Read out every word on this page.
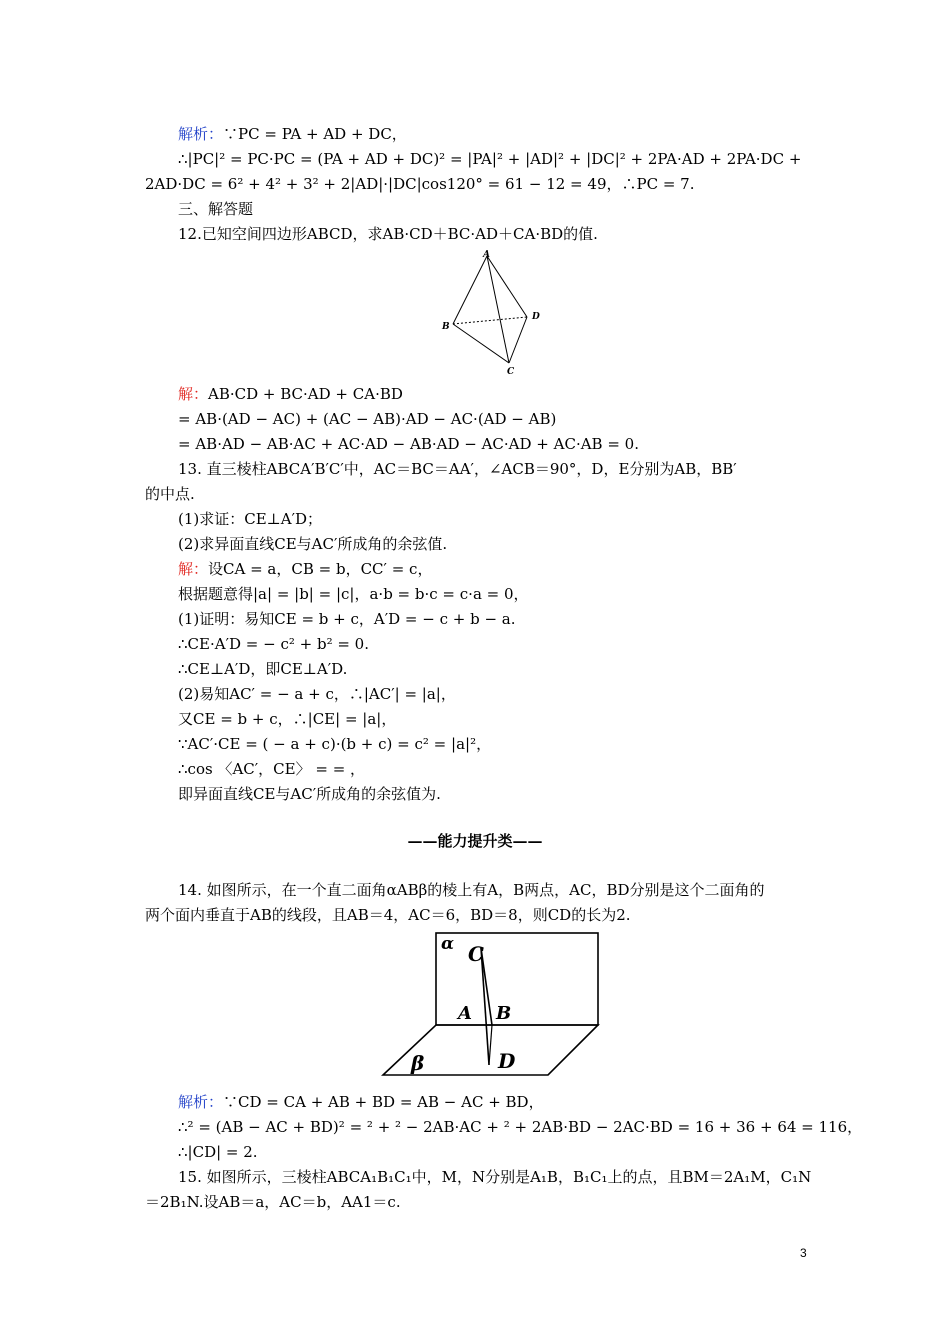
解析：∵PC = PA + AD + DC，
∴|PC|² = PC·PC = (PA + AD + DC)² = |PA|² + |AD|² + |DC|² + 2PA·AD + 2PA·DC +
2AD·DC = 6² + 4² + 3² + 2|AD|·|DC|cos120° = 61 − 12 = 49，∴PC = 7.
三、解答题
12.已知空间四边形ABCD，求AB·CD＋BC·AD＋CA·BD的值.
A
B
C
D
解：AB·CD + BC·AD + CA·BD
= AB·(AD − AC) + (AC − AB)·AD − AC·(AD − AB)
= AB·AD − AB·AC + AC·AD − AB·AD − AC·AD + AC·AB = 0.
13. 直三棱柱ABCA′B′C′中，AC＝BC＝AA′，∠ACB＝90°，D，E分别为AB，BB′
的中点.
(1)求证：CE⊥A′D；
(2)求异面直线CE与AC′所成角的余弦值.
解：设CA = a，CB = b，CC′ = c，
根据题意得|a| = |b| = |c|，a·b = b·c = c·a = 0，
(1)证明：易知CE = b + c，A′D = − c + b − a.
∴CE·A′D = − c² + b² = 0.
∴CE⊥A′D，即CE⊥A′D.
(2)易知AC′ = − a + c，∴|AC′| = |a|，
又CE = b + c，∴|CE| = |a|，
∵AC′·CE = ( − a + c)·(b + c) = c² = |a|²，
∴cos 〈AC′，CE〉 = = ，
即异面直线CE与AC′所成角的余弦值为.
——能力提升类——
14. 如图所示，在一个直二面角αABβ的棱上有A，B两点，AC，BD分别是这个二面角的
两个面内垂直于AB的线段，且AB＝4，AC＝6，BD＝8，则CD的长为2.
α C
A B
D
β
解析：∵CD = CA + AB + BD = AB − AC + BD，
∴² = (AB − AC + BD)² = ² + ² − 2AB·AC + ² + 2AB·BD − 2AC·BD = 16 + 36 + 64 = 116，
∴|CD| = 2.
15. 如图所示，三棱柱ABCA₁B₁C₁中，M，N分别是A₁B，B₁C₁上的点，且BM＝2A₁M，C₁N
＝2B₁N.设AB＝a，AC＝b，AA1＝c.
3
